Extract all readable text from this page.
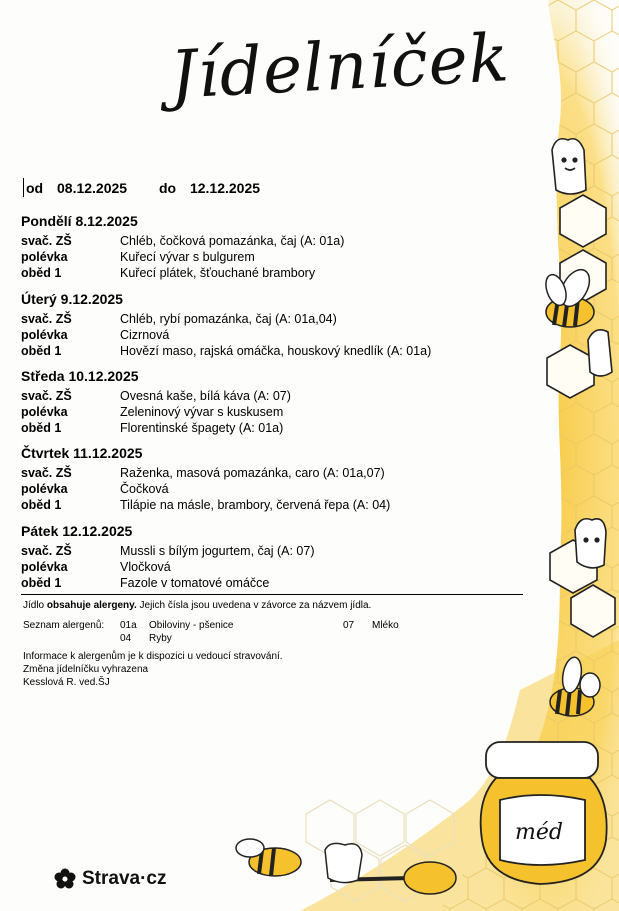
Jídelníček
od 08.12.2025 do 12.12.2025
Pondělí 8.12.2025
svač. ZŠ	Chléb, čočková pomazánka, čaj (A: 01a)
polévka	Kuřecí vývar s bulgurem
oběd 1	Kuřecí plátek, šťouchané brambory
Úterý 9.12.2025
svač. ZŠ	Chléb, rybí pomazánka, čaj (A: 01a,04)
polévka	Cizrnová
oběd 1	Hovězí maso, rajská omáčka, houskový knedlík (A: 01a)
Středa 10.12.2025
svač. ZŠ	Ovesná kaše, bílá káva (A: 07)
polévka	Zeleninový vývar s kuskusem
oběd 1	Florentinské špagety (A: 01a)
Čtvrtek 11.12.2025
svač. ZŠ	Raženka, masová pomazánka, caro (A: 01a,07)
polévka	Čočková
oběd 1	Tilápie na másle, brambory, červená řepa (A: 04)
Pátek 12.12.2025
svač. ZŠ	Mussli s bílým jogurtem, čaj (A: 07)
polévka	Vločková
oběd 1	Fazole v tomatové omáčce
Jídlo obsahuje alergeny. Jejich čísla jsou uvedena v závorce za názvem jídla.
Seznam alergenů: 01a Obiloviny - pšenice	07 Mléko
04 Ryby
Informace k alergenům je k dispozici u vedoucí stravování.
Změna jídelníčku vyhrazena
Kesslová R. ved.ŠJ
méd
Strava·cz
